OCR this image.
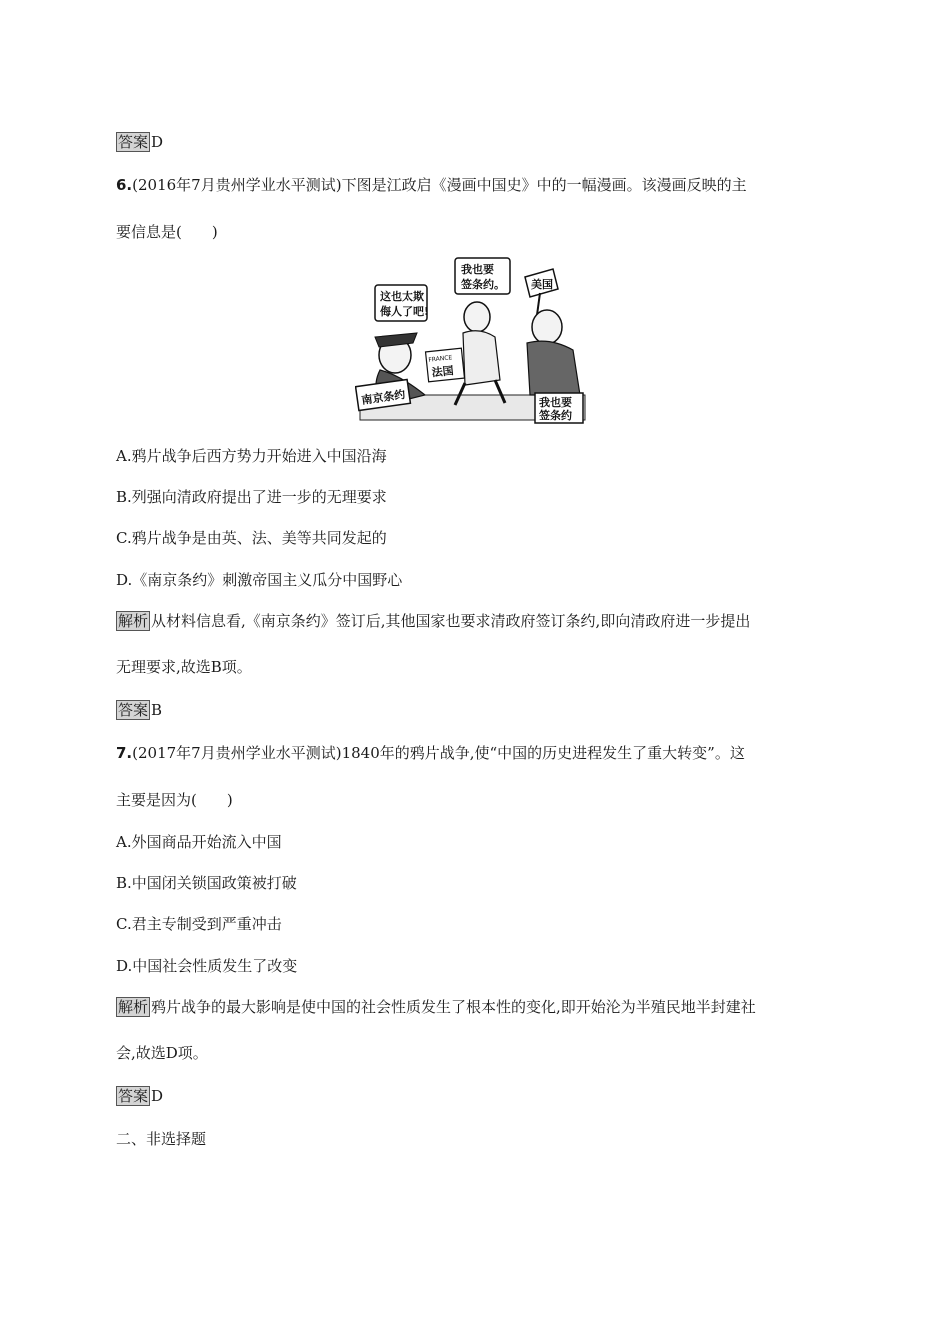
答案 D
6.(2016年7月贵州学业水平测试)下图是江政启《漫画中国史》中的一幅漫画。该漫画反映的主
要信息是(　　)
这也太欺
侮人了吧!
我也要
签条约。 美国
南京条约
FRANCE
法国
我也要
签条约
A.鸦片战争后西方势力开始进入中国沿海
B.列强向清政府提出了进一步的无理要求
C.鸦片战争是由英、法、美等共同发起的
D.《南京条约》刺激帝国主义瓜分中国野心
解析 从材料信息看,《南京条约》签订后,其他国家也要求清政府签订条约,即向清政府进一步提出
无理要求,故选B项。
答案 B
7.(2017年7月贵州学业水平测试)1840年的鸦片战争,使“中国的历史进程发生了重大转变”。这
主要是因为(　　)
A.外国商品开始流入中国
B.中国闭关锁国政策被打破
C.君主专制受到严重冲击
D.中国社会性质发生了改变
解析 鸦片战争的最大影响是使中国的社会性质发生了根本性的变化,即开始沦为半殖民地半封建社
会,故选D项。
答案 D
二、非选择题
